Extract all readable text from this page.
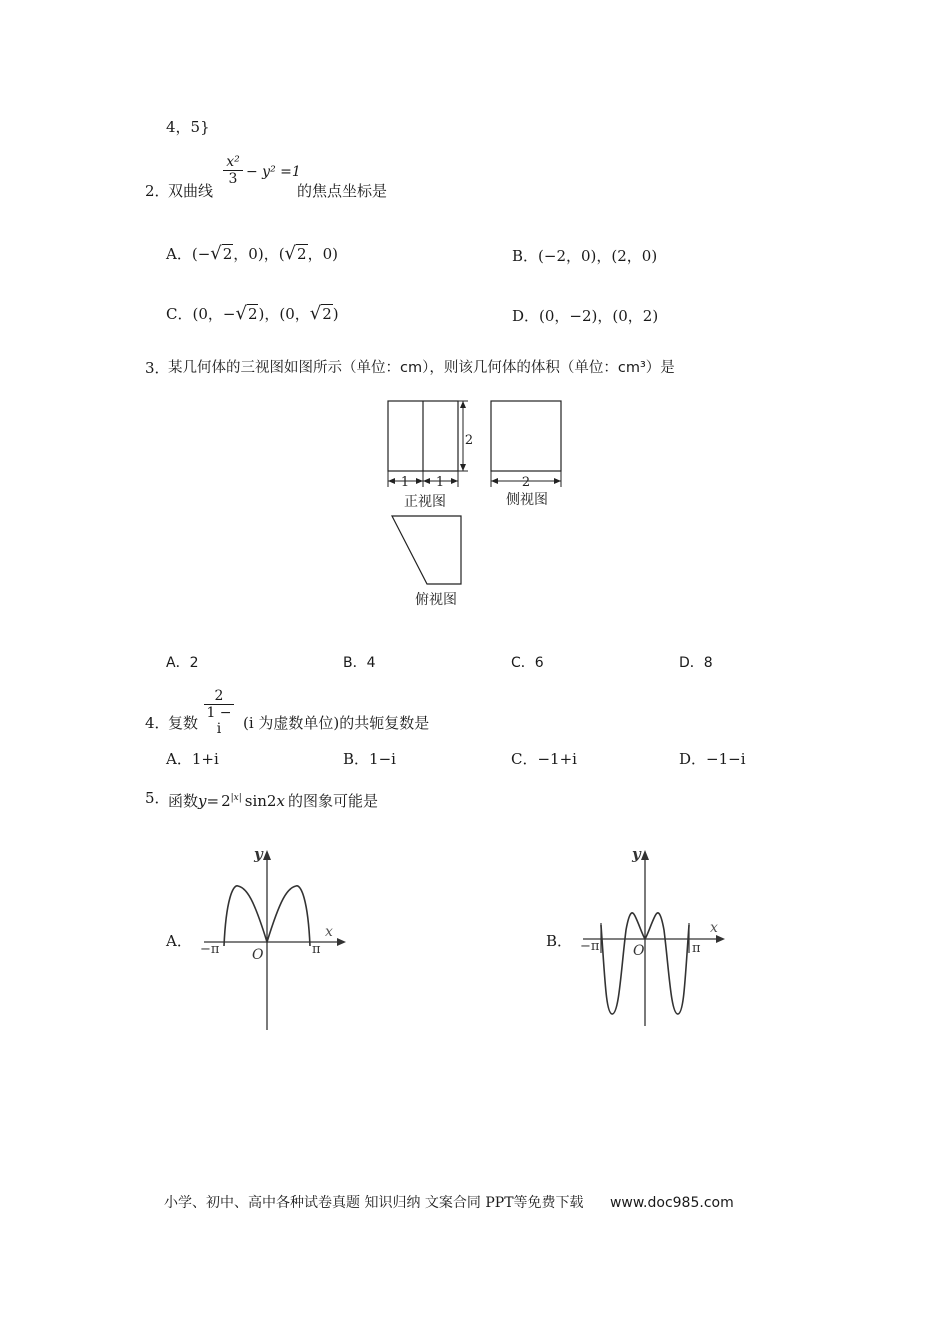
4，5}
2．
双曲线
x²
3 − y² =1
的焦点坐标是
A．(−√2，0)，(√2，0)	B．(−2，0)，(2，0)
C．(0，−√2)，(0，√2)	D．(0，−2)，(0，2)
3．
某几何体的三视图如图所示（单位：cm），则该几何体的体积（单位：cm³）是
2
1 1
正视图
2
侧视图
俯视图
A．2	B．4	C．6	D．8
4．
复数
2
1 − i	(i 为虚数单位)的共轭复数是
A．1+i	B．1−i	C．−1+i	D．−1−i
5．
函数$y= 2^{|x|}$ sin2x 的图象可能是
A．
y
x
O
−π	π	B．
y
x
O
−π	π
小学、初中、高中各种试卷真题 知识归纳 文案合同 PPT等免费下载 www.doc985.com
